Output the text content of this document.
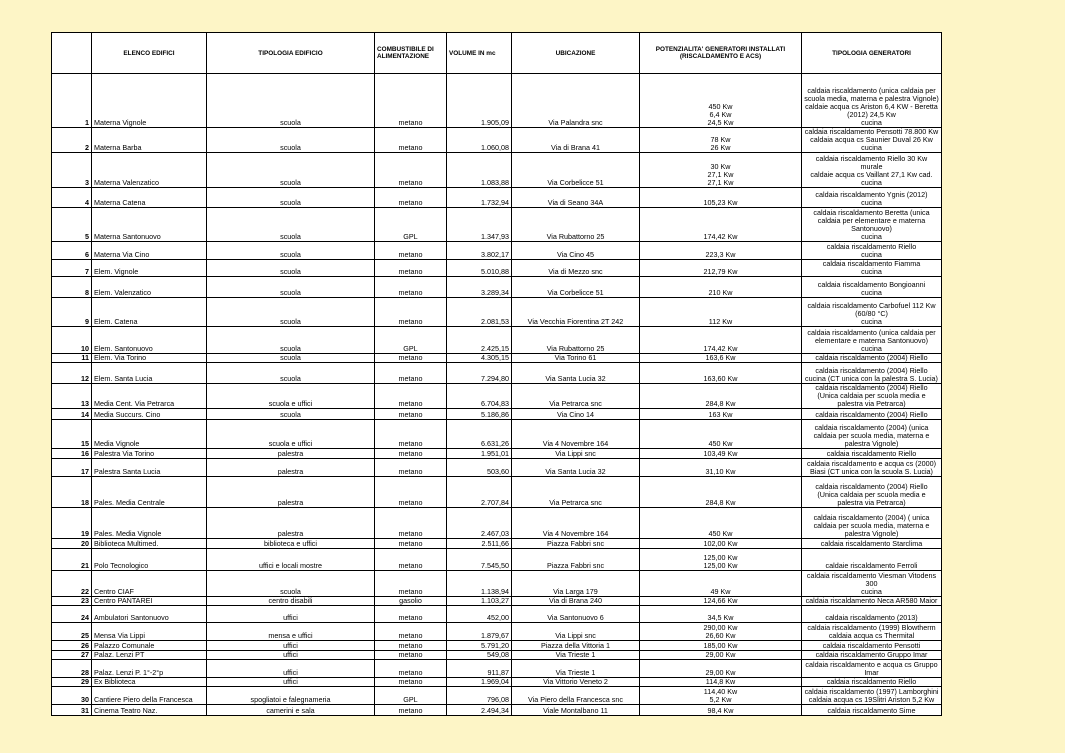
	ELENCO EDIFICI	TIPOLOGIA EDIFICIO	COMBUSTIBILE DI ALIMENTAZIONE	VOLUME IN mc	UBICAZIONE	POTENZIALITA' GENERATORI INSTALLATI (RISCALDAMENTO E ACS)	TIPOLOGIA GENERATORI
1	Materna Vignole	scuola	metano	1.905,09	Via Palandra snc	450 Kw
6,4 Kw
24,5 Kw	caldaia riscaldamento (unica caldaia per scuola media, materna e palestra Vignole)
caldaie acqua cs Ariston 6,4 KW - Beretta (2012) 24,5 Kw
cucina
2	Materna Barba	scuola	metano	1.060,08	Via di Brana 41	78 Kw
26 Kw	caldaia riscaldamento Pensotti 78.800 Kw
caldaia acqua cs Saunier Duval 26 Kw
cucina
3	Materna Valenzatico	scuola	metano	1.083,88	Via Corbelicce 51	30 Kw
27,1 Kw
27,1 Kw	caldaia riscaldamento Riello 30 Kw murale
caldaie acqua cs Vaillant 27,1 Kw cad.
cucina
4	Materna Catena	scuola	metano	1.732,94	Via di Seano 34A	105,23 Kw	caldaia riscaldamento Ygnis (2012)
cucina
5	Materna Santonuovo	scuola	GPL	1.347,93	Via Rubattorno 25	174,42 Kw	caldaia riscaldamento Beretta (unica caldaia per elementare e materna Santonuovo)
cucina
6	Materna Via Cino	scuola	metano	3.802,17	Via Cino 45	223,3 Kw	caldaia riscaldamento Riello
cucina
7	Elem. Vignole	scuola	metano	5.010,88	Via di Mezzo snc	212,79 Kw	caldaia riscaldamento Fiamma
cucina
8	Elem. Valenzatico	scuola	metano	3.289,34	Via Corbelicce 51	210 Kw	caldaia riscaldamento Bongioanni
cucina
9	Elem. Catena	scuola	metano	2.081,53	Via Vecchia Fiorentina 2T 242	112 Kw	caldaia riscaldamento Carbofuel 112 Kw (60/80 °C)
cucina
10	Elem. Santonuovo	scuola	GPL	2.425,15	Via Rubattorno 25	174,42 Kw	caldaia riscaldamento (unica caldaia per elementare e materna Santonuovo)
cucina
11	Elem. Via Torino	scuola	metano	4.305,15	Via Torino 61	163,6 Kw	caldaia riscaldamento (2004) Riello
12	Elem. Santa Lucia	scuola	metano	7.294,80	Via Santa Lucia 32	163,60 Kw	caldaia riscaldamento (2004) Riello
cucina (CT unica con la palestra S. Lucia)
13	Media Cent. Via Petrarca	scuola e uffici	metano	6.704,83	Via Petrarca snc	284,8 Kw	caldaia riscaldamento (2004) Riello (Unica caldaia per scuola media e palestra via Petrarca)
14	Media Succurs. Cino	scuola	metano	5.186,86	Via Cino 14	163 Kw	caldaia riscaldamento (2004) Riello
15	Media Vignole	scuola e uffici	metano	6.631,26	Via 4 Novembre 164	450 Kw	caldaia riscaldamento (2004) (unica caldaia per scuola media, materna e palestra Vignole)
16	Palestra Via Torino	palestra	metano	1.951,01	Via Lippi snc	103,49 Kw	caldaia riscaldamento Riello
17	Palestra Santa Lucia	palestra	metano	503,60	Via Santa Lucia 32	31,10 Kw	caldaia riscaldamento e acqua cs (2000) Biasi (CT unica con la scuola S. Lucia)
18	Pales. Media Centrale	palestra	metano	2.707,84	Via Petrarca snc	284,8 Kw	caldaia riscaldamento (2004) Riello (Unica caldaia per scuola media e palestra via Petrarca)
19	Pales. Media Vignole	palestra	metano	2.467,03	Via 4 Novembre 164	450 Kw	caldaia riscaldamento (2004) ( unica caldaia per scuola media, materna e palestra Vignole)
20	Biblioteca Multimed.	biblioteca e uffici	metano	2.511,66	Piazza Fabbri snc	102,00 Kw	caldaia riscaldamento Starclima
21	Polo Tecnologico	uffici e locali mostre	metano	7.545,50	Piazza Fabbri snc	125,00 Kw
125,00 Kw	caldaie riscaldamento Ferroli
22	Centro CIAF	scuola	metano	1.138,94	Via Larga 179	49 Kw	caldaia riscaldamento Viesman Vitodens 300
cucina
23	Centro PANTAREI	centro disabili	gasolio	1.103,27	Via di Brana 240	124,66 Kw	caldaia riscaldamento Neca AR580 Maior
24	Ambulatori Santonuovo	uffici	metano	452,00	Via Santonuovo 6	34,5 Kw	caldaia riscaldamento (2013)
25	Mensa Via Lippi	mensa e uffici	metano	1.879,67	Via Lippi snc	290,00 Kw
26,60 Kw	caldaia riscaldamento (1999) Blowtherm
caldaia acqua cs Thermital
26	Palazzo Comunale	uffici	metano	5.791,20	Piazza della Vittoria 1	185,00 Kw	caldaia riscaldamento Pensotti
27	Palaz. Lenzi PT	uffici	metano	549,08	Via Trieste 1	29,00 Kw	caldaia riscaldamento Gruppo Imar
28	Palaz. Lenzi P. 1°-2°p	uffici	metano	911,87	Via Trieste 1	29,00 Kw	caldaia riscaldamento e acqua cs Gruppo Imar
29	Ex Biblioteca	uffici	metano	1.969,04	Via Vittorio Veneto 2	114,8 Kw	caldaia riscaldamento Riello
30	Cantiere Piero della Francesca	spogliatoi e falegnameria	GPL	796,08	Via Piero della Francesca snc	114,40 Kw
5,2 Kw	caldaia riscaldamento (1997) Lamborghini
caldaia acqua cs 19Slitri Ariston 5,2 Kw
31	Cinema Teatro Naz.	camerini e sala	metano	2.494,34	Viale Montalbano 11	98,4 Kw	caldaia riscaldamento Sime
